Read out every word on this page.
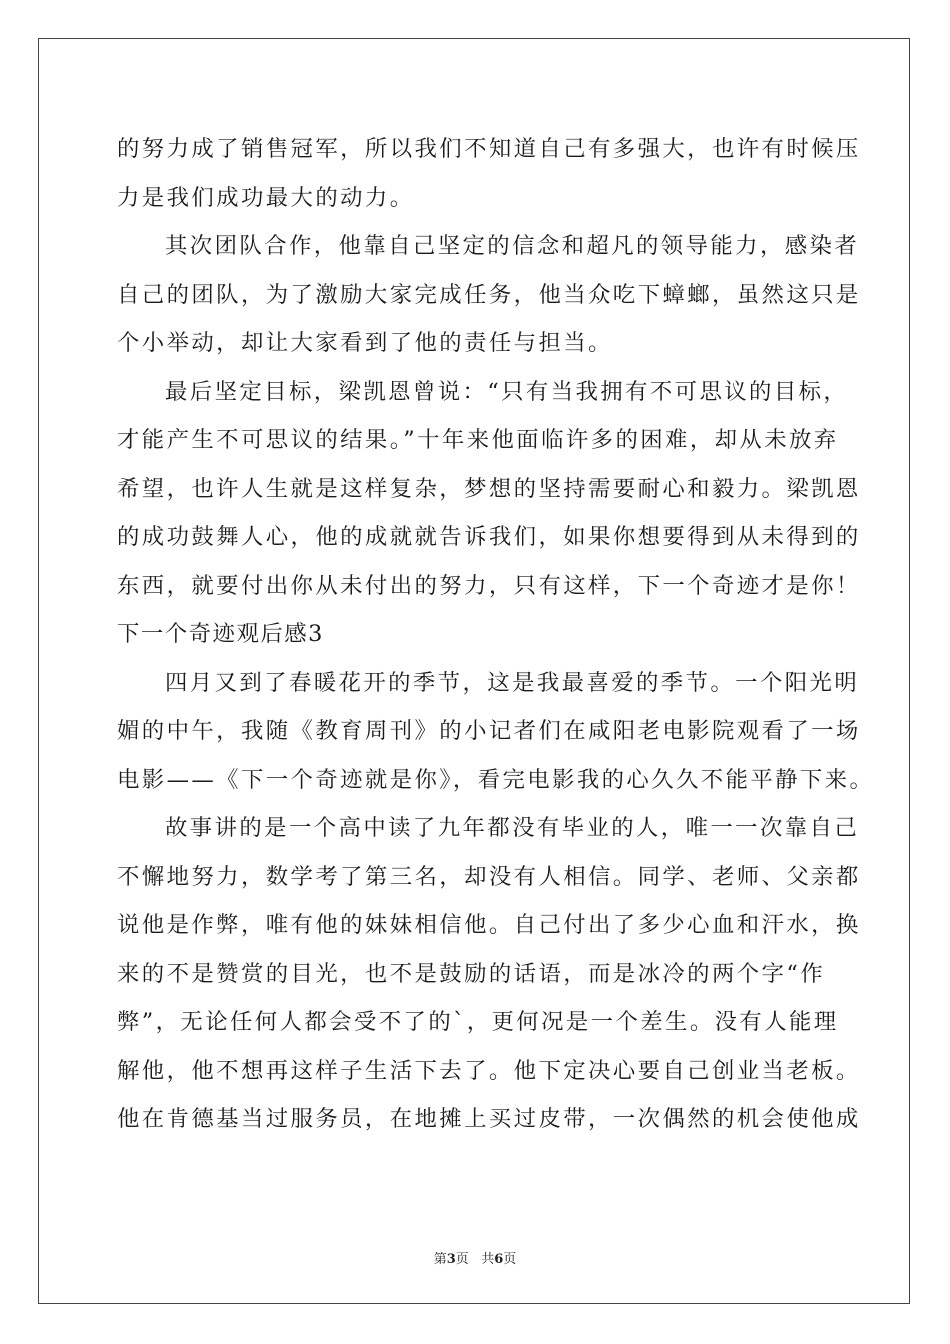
的努力成了销售冠军，所以我们不知道自己有多强大，也许有时候压
力是我们成功最大的动力。
其次团队合作，他靠自己坚定的信念和超凡的领导能力，感染者
自己的团队，为了激励大家完成任务，他当众吃下蟑螂，虽然这只是
个小举动，却让大家看到了他的责任与担当。
最后坚定目标，梁凯恩曾说：“只有当我拥有不可思议的目标，
才能产生不可思议的结果。”十年来他面临许多的困难，却从未放弃
希望，也许人生就是这样复杂，梦想的坚持需要耐心和毅力。梁凯恩
的成功鼓舞人心，他的成就就告诉我们，如果你想要得到从未得到的
东西，就要付出你从未付出的努力，只有这样，下一个奇迹才是你！
下一个奇迹观后感3
四月又到了春暖花开的季节，这是我最喜爱的季节。一个阳光明
媚的中午，我随《教育周刊》的小记者们在咸阳老电影院观看了一场
电影——《下一个奇迹就是你》，看完电影我的心久久不能平静下来。
故事讲的是一个高中读了九年都没有毕业的人，唯一一次靠自己
不懈地努力，数学考了第三名，却没有人相信。同学、老师、父亲都
说他是作弊，唯有他的妹妹相信他。自己付出了多少心血和汗水，换
来的不是赞赏的目光，也不是鼓励的话语，而是冰冷的两个字“作
弊”，无论任何人都会受不了的`，更何况是一个差生。没有人能理
解他，他不想再这样子生活下去了。他下定决心要自己创业当老板。
他在肯德基当过服务员，在地摊上买过皮带，一次偶然的机会使他成
第3页 共6页
